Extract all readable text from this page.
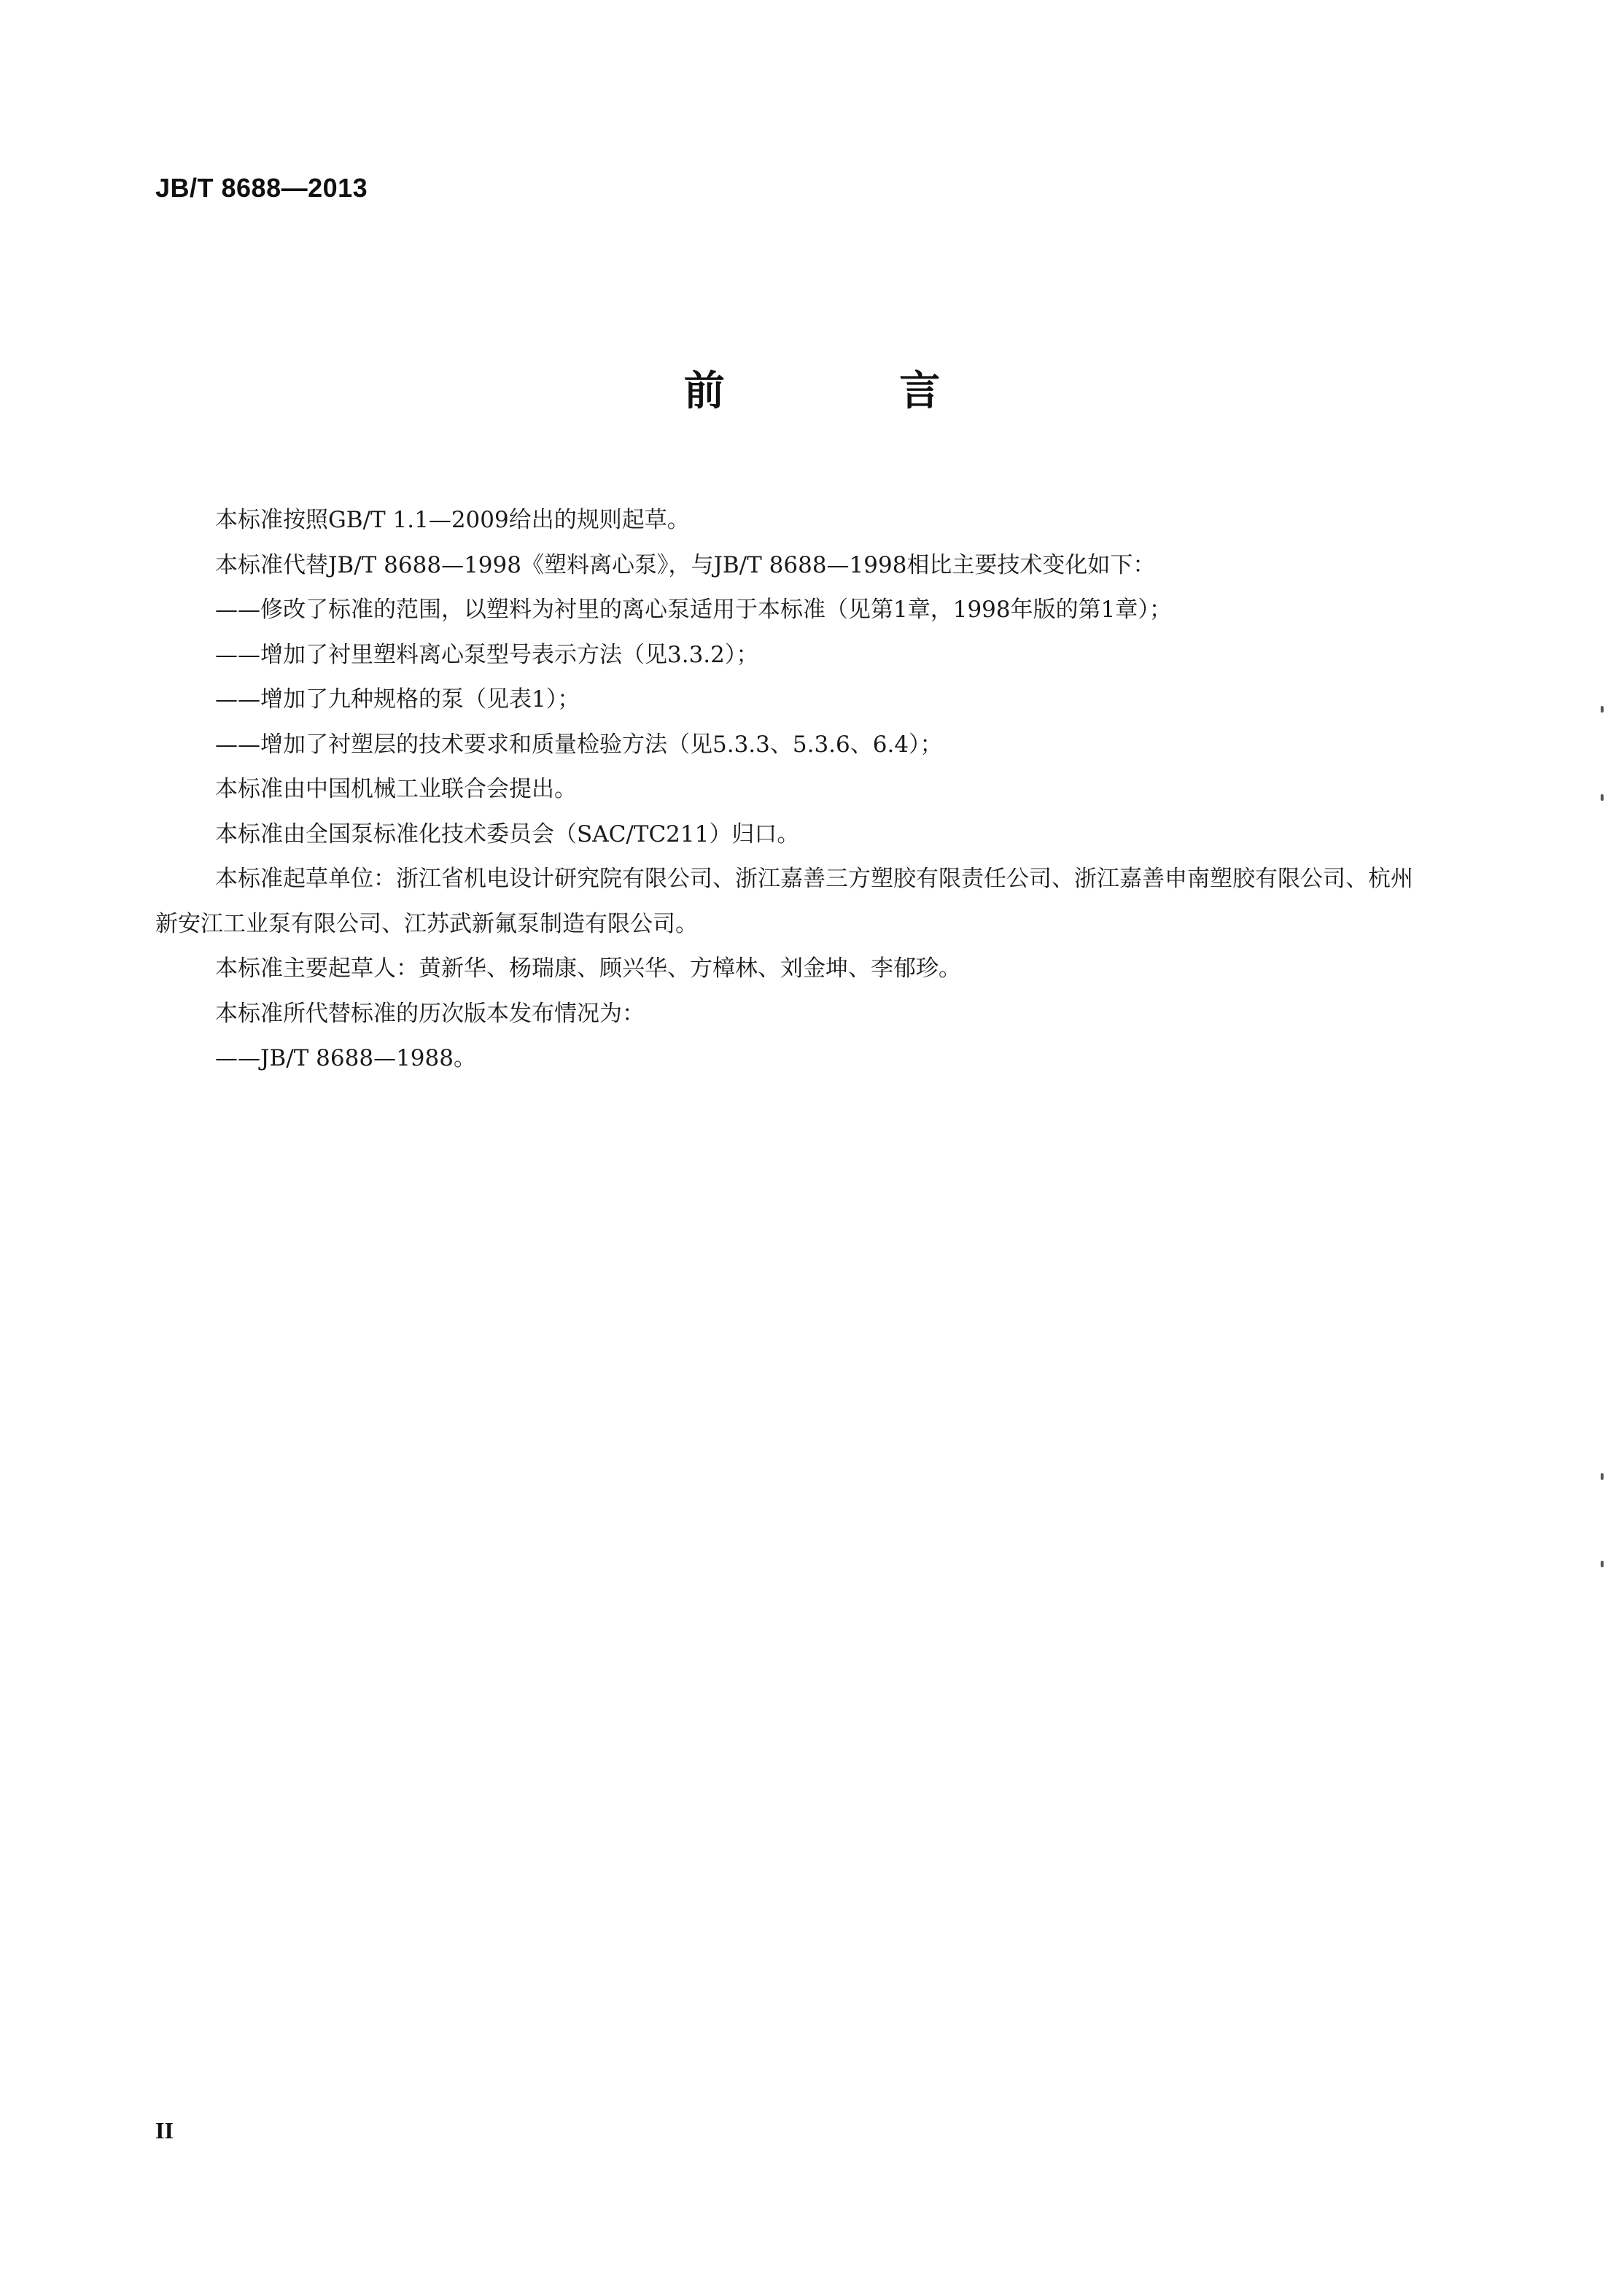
JB/T 8688—2013
前 言

本标准按照GB/T 1.1—2009给出的规则起草。

本标准代替JB/T 8688—1998《塑料离心泵》，与JB/T 8688—1998相比主要技术变化如下：

——修改了标准的范围，以塑料为衬里的离心泵适用于本标准（见第1章，1998年版的第1章）；

——增加了衬里塑料离心泵型号表示方法（见3.3.2）；

——增加了九种规格的泵（见表1）；

——增加了衬塑层的技术要求和质量检验方法（见5.3.3、5.3.6、6.4）；

本标准由中国机械工业联合会提出。

本标准由全国泵标准化技术委员会（SAC/TC211）归口。

本标准起草单位：浙江省机电设计研究院有限公司、浙江嘉善三方塑胶有限责任公司、浙江嘉善申南塑胶有限公司、杭州新安江工业泵有限公司、江苏武新氟泵制造有限公司。

本标准主要起草人：黄新华、杨瑞康、顾兴华、方樟林、刘金坤、李郁珍。

本标准所代替标准的历次版本发布情况为：

——JB/T 8688—1988。

II
